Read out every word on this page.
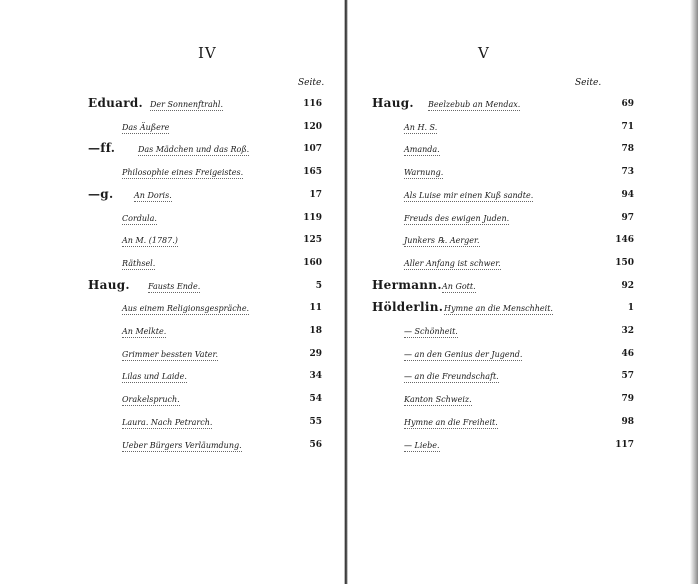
IV
Seite.
Eduard. Der Sonnenftrahl.	116
Das Äußere	120
—ff.	Das Mädchen und das Roß.	107
Philosophie eines Freigeistes.	165
—g.	An Doris.	17
Cordula.	119
An M. (1787.)	125
Räthsel.	160
Haug. Fausts Ende.	5
Aus einem Religionsgespräche.	11
An Melkte.	18
Grimmer bessten Vater.	29
Lilas und Laide.	34
Orakelspruch.	54
Laura. Nach Petrarch.	55
Ueber Bürgers Verläumdung.	56
V
Seite.
Haug. Beelzebub an Mendax.	69
An H. S.	71
Amanda.	78
Warnung.	73
Als Luise mir einen Kuß sandte.	94
Freuds des ewigen Juden.	97
Junkers ℞. Aerger.	146
Aller Anfang ist schwer.	150
Hermann. An Gott.	92
Hölderlin. Hymne an die Menschheit.	1
— Schönheit.	32
— an den Genius der Jugend.	46
— an die Freundschaft.	57
Kanton Schweiz.	79
Hymne an die Freiheit.	98
— Liebe.	117
